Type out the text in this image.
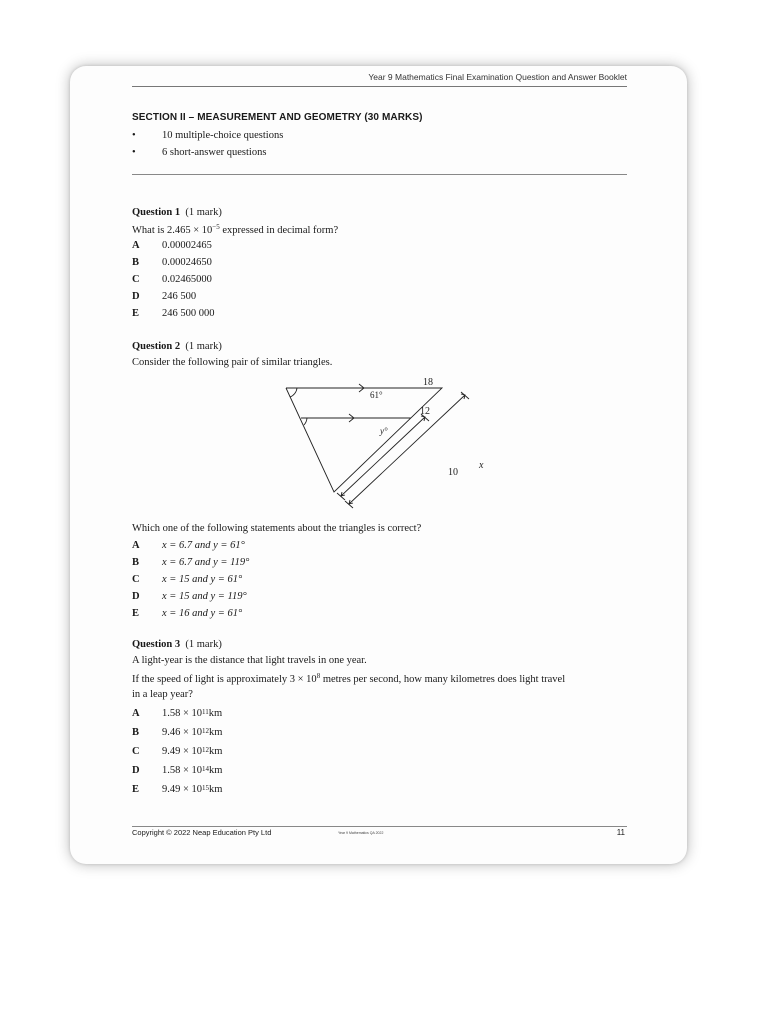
Year 9 Mathematics Final Examination Question and Answer Booklet
SECTION II – MEASUREMENT AND GEOMETRY (30 MARKS)
•	10 multiple-choice questions
•	6 short-answer questions
Question 1 (1 mark)
What is $2.465 \times 10^{-5}$ expressed in decimal form?
A	0.00002465
B	0.00024650
C	0.02465000
D	246 500
E	246 500 000
Question 2 (1 mark)
Consider the following pair of similar triangles.
18
12
61°
y°
10
x
Which one of the following statements about the triangles is correct?
A	x = 6.7 and y = 61°
B	x = 6.7 and y = 119°
C	x = 15 and y = 61°
D	x = 15 and y = 119°
E	x = 16 and y = 61°
Question 3 (1 mark)
A light-year is the distance that light travels in one year.
If the speed of light is approximately $3 \times 10^8$ metres per second, how many kilometres does light travel
in a leap year?
A	1.58 × 10 11 km
B	9.46 × 10 12 km
C	9.49 × 10 12 km
D	1.58 × 10 14 km
E	9.49 × 10 15 km
Copyright © 2022 Neap Education Pty Ltd	Year 9 Mathematics QA 2022	11
